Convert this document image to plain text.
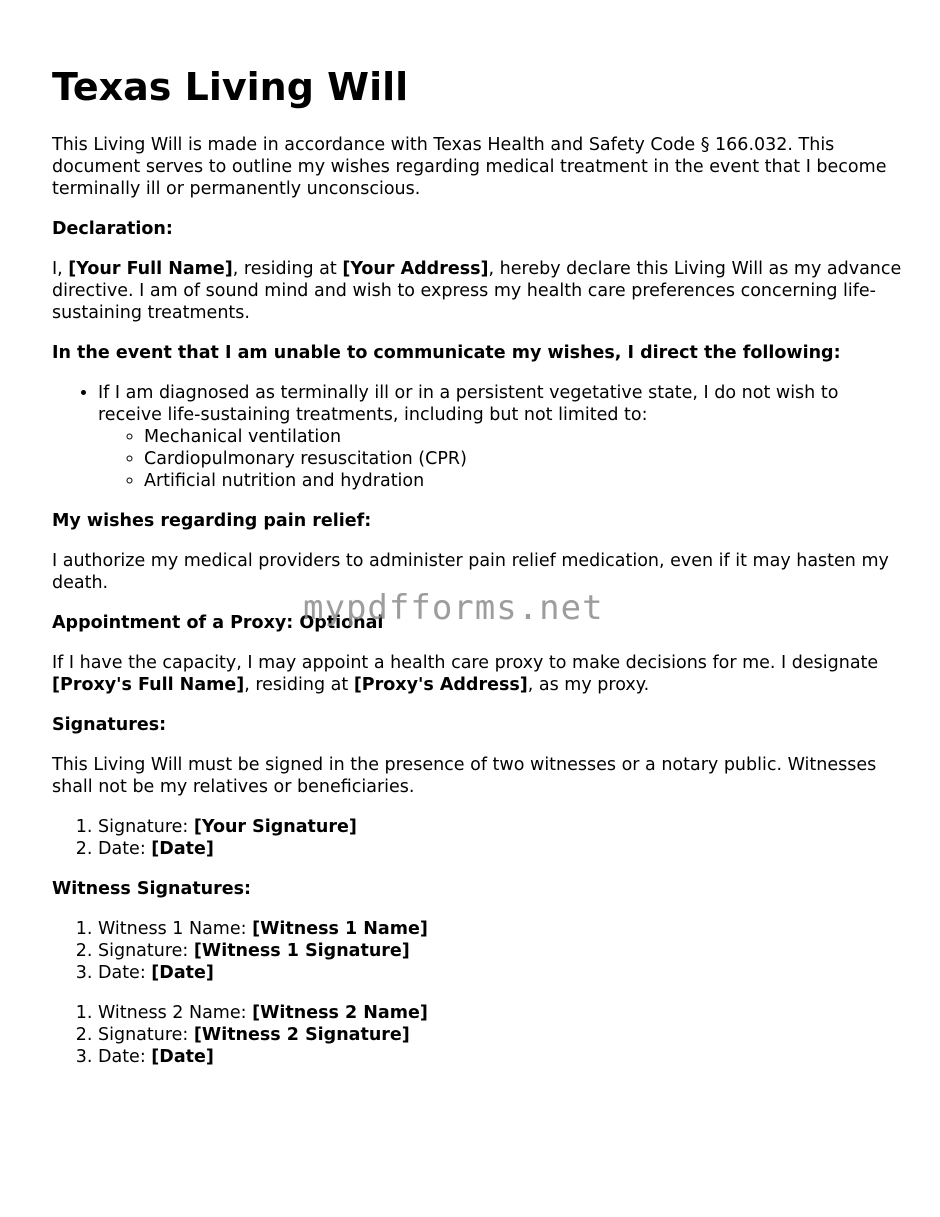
Texas Living Will

This Living Will is made in accordance with Texas Health and Safety Code § 166.032. This document serves to outline my wishes regarding medical treatment in the event that I become terminally ill or permanently unconscious.

Declaration:

I, [Your Full Name], residing at [Your Address], hereby declare this Living Will as my advance directive. I am of sound mind and wish to express my health care preferences concerning life-sustaining treatments.

In the event that I am unable to communicate my wishes, I direct the following:

• If I am diagnosed as terminally ill or in a persistent vegetative state, I do not wish to receive life-sustaining treatments, including but not limited to:
◦ Mechanical ventilation
◦ Cardiopulmonary resuscitation (CPR)
◦ Artificial nutrition and hydration

My wishes regarding pain relief:

I authorize my medical providers to administer pain relief medication, even if it may hasten my death.

Appointment of a Proxy: Optional

If I have the capacity, I may appoint a health care proxy to make decisions for me. I designate [Proxy's Full Name], residing at [Proxy's Address], as my proxy.

Signatures:

This Living Will must be signed in the presence of two witnesses or a notary public. Witnesses shall not be my relatives or beneficiaries.

1. Signature: [Your Signature]
2. Date: [Date]

Witness Signatures:

1. Witness 1 Name: [Witness 1 Name]
2. Signature: [Witness 1 Signature]
3. Date: [Date]
1. Witness 2 Name: [Witness 2 Name]
2. Signature: [Witness 2 Signature]
3. Date: [Date]
mypdfforms.net
